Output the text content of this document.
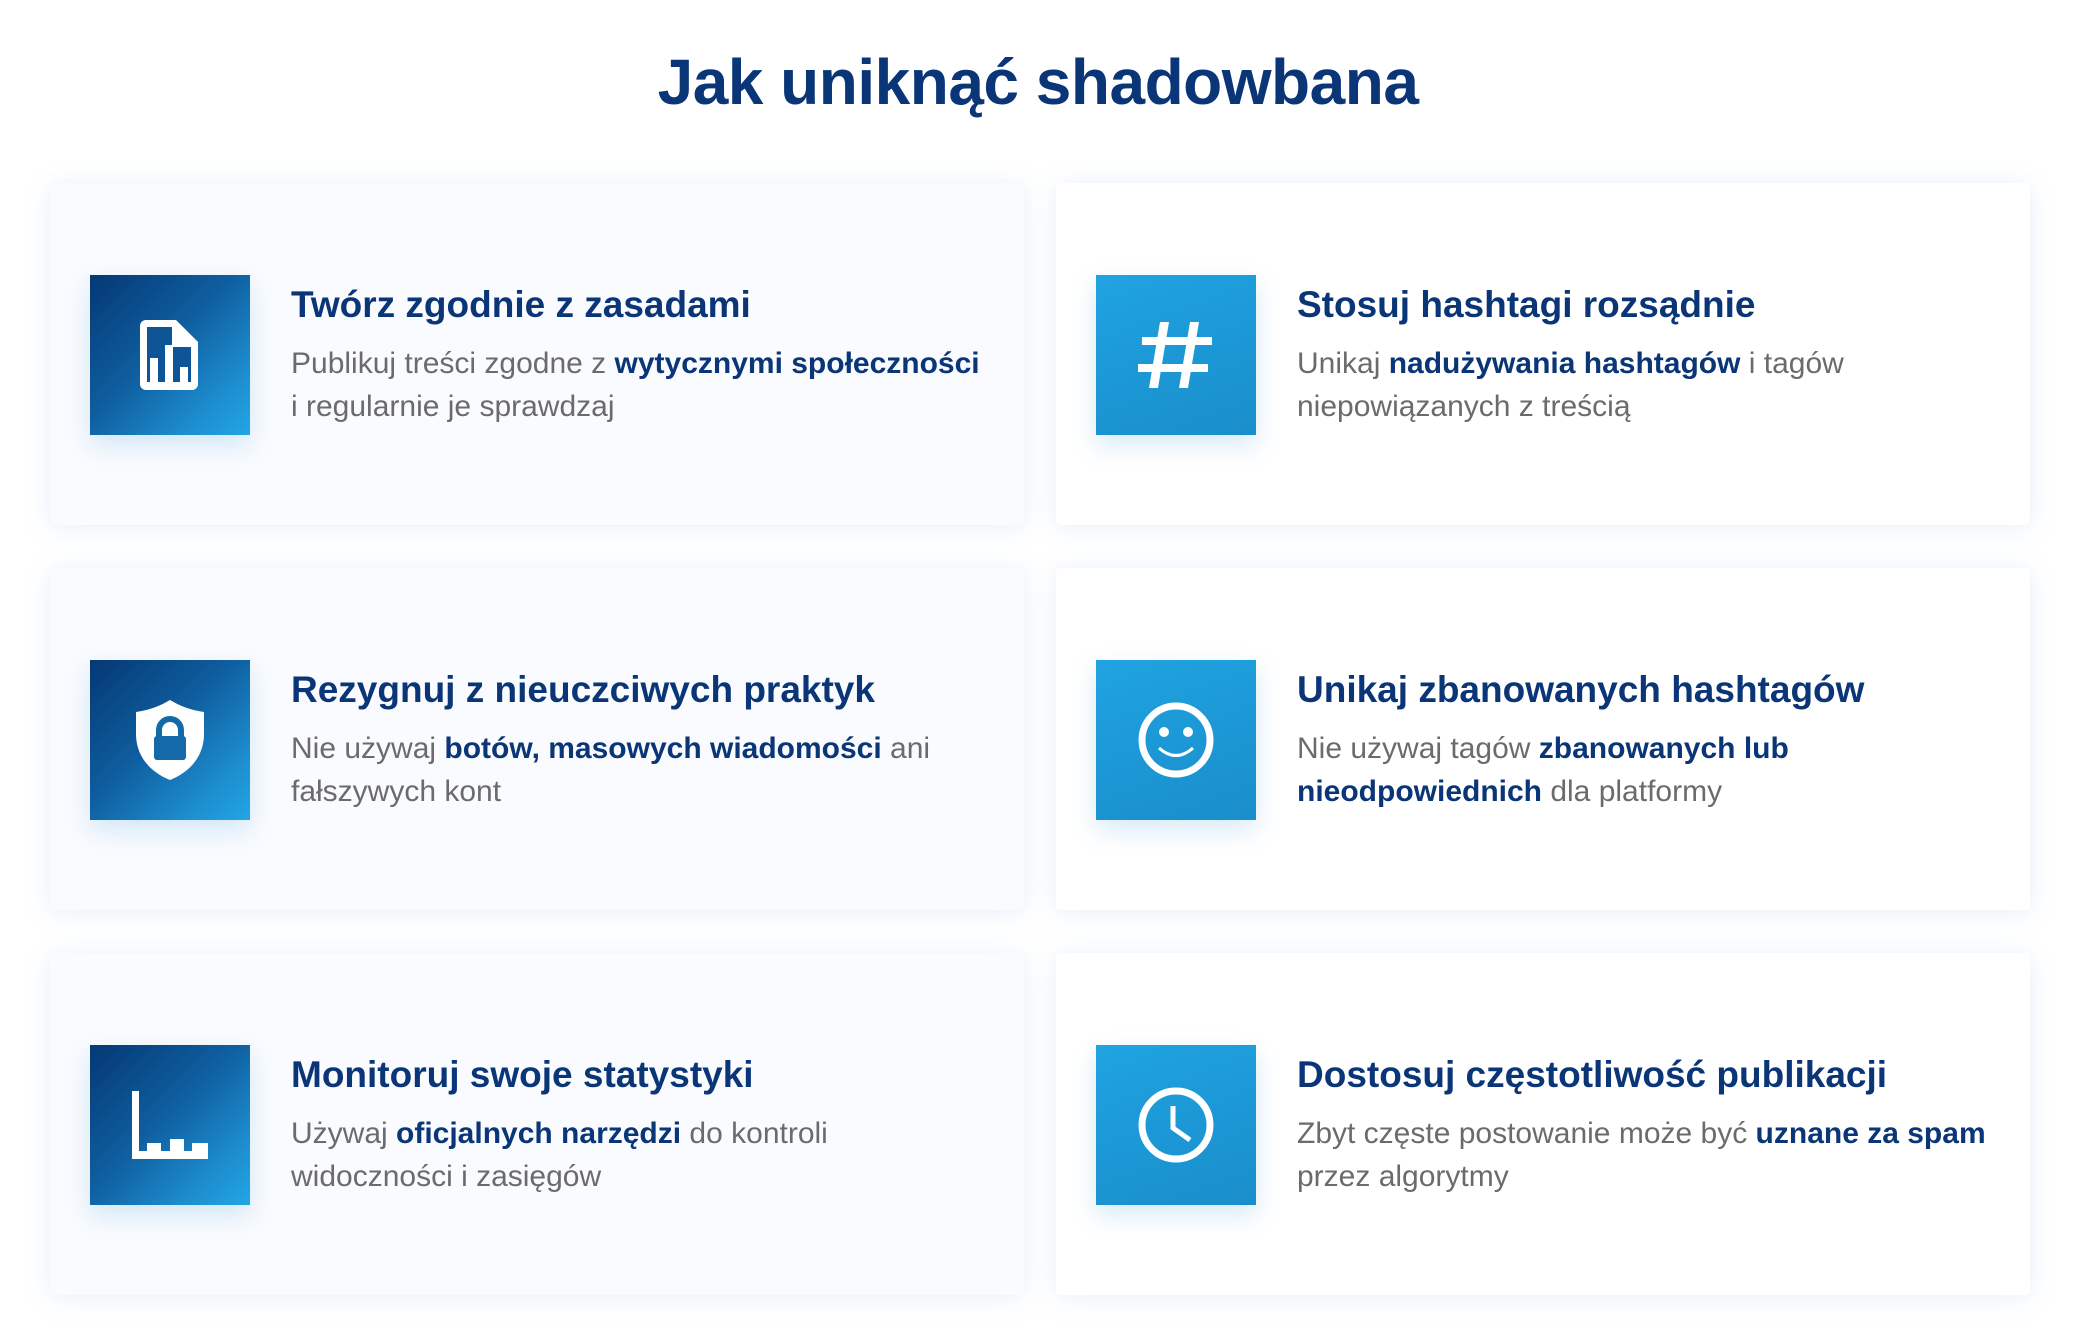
Jak uniknąć shadowbana
Twórz zgodnie z zasadami
Publikuj treści zgodne z wytycznymi społeczności i regularnie je sprawdzaj
Stosuj hashtagi rozsądnie
Unikaj nadużywania hashtagów i tagów niepowiązanych z treścią
Rezygnuj z nieuczciwych praktyk
Nie używaj botów, masowych wiadomości ani fałszywych kont
Unikaj zbanowanych hashtagów
Nie używaj tagów zbanowanych lub nieodpowiednich dla platformy
Monitoruj swoje statystyki
Używaj oficjalnych narzędzi do kontroli widoczności i zasięgów
Dostosuj częstotliwość publikacji
Zbyt częste postowanie może być uznane za spam przez algorytmy
